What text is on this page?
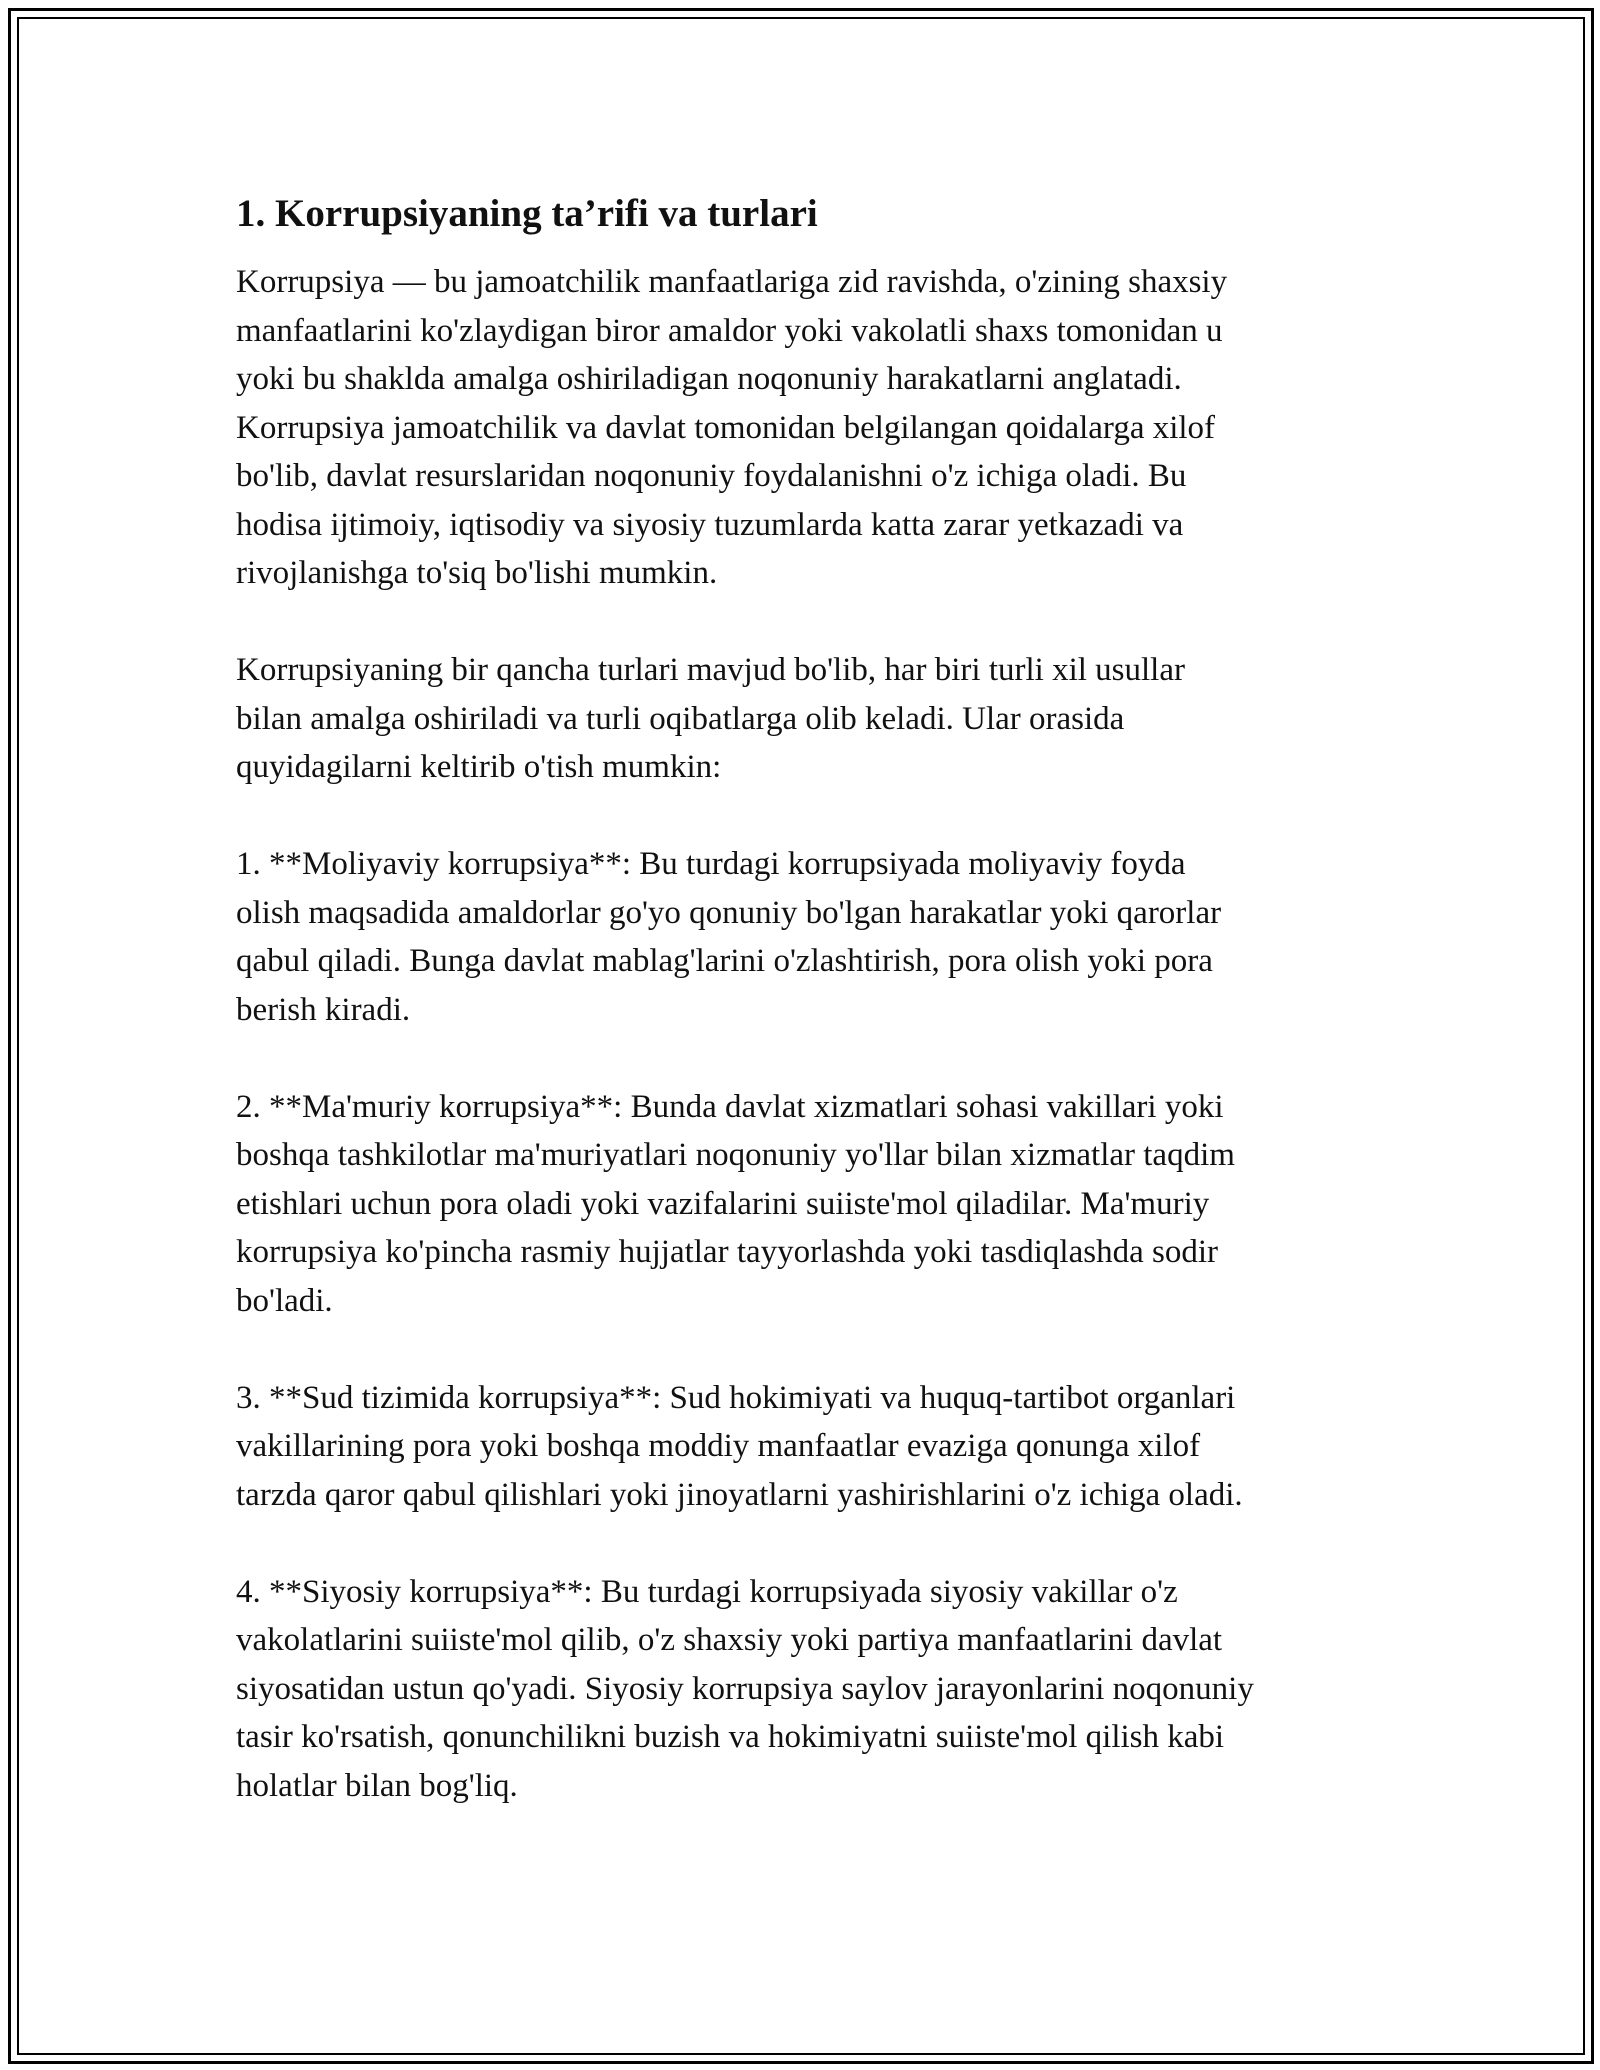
1. Korrupsiyaning ta’rifi va turlari

Korrupsiya — bu jamoatchilik manfaatlariga zid ravishda, o'zining shaxsiy
manfaatlarini ko'zlaydigan biror amaldor yoki vakolatli shaxs tomonidan u
yoki bu shaklda amalga oshiriladigan noqonuniy harakatlarni anglatadi.
Korrupsiya jamoatchilik va davlat tomonidan belgilangan qoidalarga xilof
bo'lib, davlat resurslaridan noqonuniy foydalanishni o'z ichiga oladi. Bu
hodisa ijtimoiy, iqtisodiy va siyosiy tuzumlarda katta zarar yetkazadi va
rivojlanishga to'siq bo'lishi mumkin.

Korrupsiyaning bir qancha turlari mavjud bo'lib, har biri turli xil usullar
bilan amalga oshiriladi va turli oqibatlarga olib keladi. Ular orasida
quyidagilarni keltirib o'tish mumkin:

1. **Moliyaviy korrupsiya**: Bu turdagi korrupsiyada moliyaviy foyda
olish maqsadida amaldorlar go'yo qonuniy bo'lgan harakatlar yoki qarorlar
qabul qiladi. Bunga davlat mablag'larini o'zlashtirish, pora olish yoki pora
berish kiradi.

2. **Ma'muriy korrupsiya**: Bunda davlat xizmatlari sohasi vakillari yoki
boshqa tashkilotlar ma'muriyatlari noqonuniy yo'llar bilan xizmatlar taqdim
etishlari uchun pora oladi yoki vazifalarini suiiste'mol qiladilar. Ma'muriy
korrupsiya ko'pincha rasmiy hujjatlar tayyorlashda yoki tasdiqlashda sodir
bo'ladi.

3. **Sud tizimida korrupsiya**: Sud hokimiyati va huquq-tartibot organlari
vakillarining pora yoki boshqa moddiy manfaatlar evaziga qonunga xilof
tarzda qaror qabul qilishlari yoki jinoyatlarni yashirishlarini o'z ichiga oladi.

4. **Siyosiy korrupsiya**: Bu turdagi korrupsiyada siyosiy vakillar o'z
vakolatlarini suiiste'mol qilib, o'z shaxsiy yoki partiya manfaatlarini davlat
siyosatidan ustun qo'yadi. Siyosiy korrupsiya saylov jarayonlarini noqonuniy
tasir ko'rsatish, qonunchilikni buzish va hokimiyatni suiiste'mol qilish kabi
holatlar bilan bog'liq.
